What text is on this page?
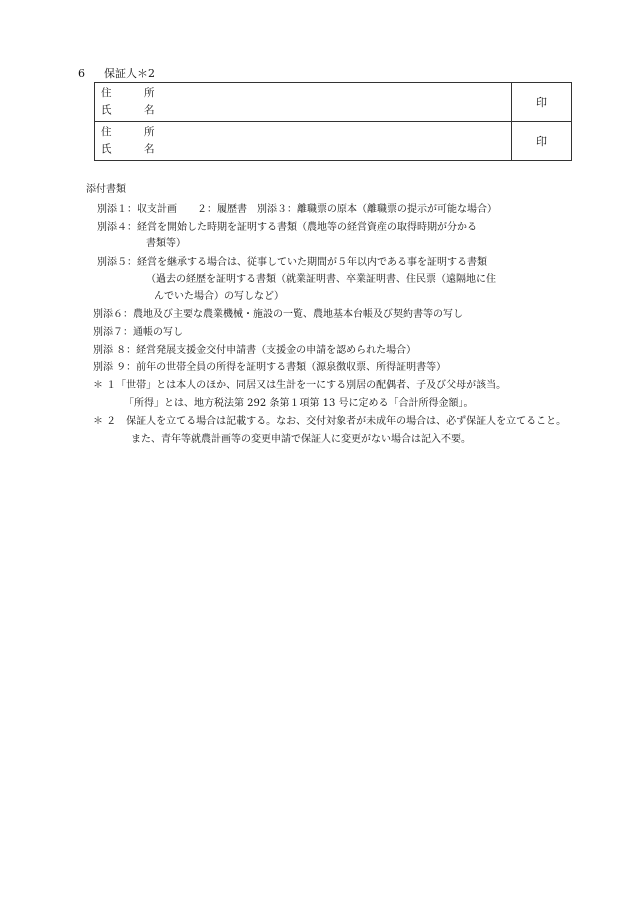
6 保証人＊2
住　所
氏　名	印

住　所
氏　名	印
添付書類
別添１：収支計画　　２：履歴書　別添３：離職票の原本（離職票の提示が可能な場合）
別添４：経営を開始した時期を証明する書類（農地等の経営資産の取得時期が分かる
書類等）
別添５：経営を継承する場合は、従事していた期間が５年以内である事を証明する書類
（過去の経歴を証明する書類（就業証明書、卒業証明書、住民票（遠隔地に住
んでいた場合）の写しなど）
別添６：農地及び主要な農業機械・施設の一覧、農地基本台帳及び契約書等の写し
別添７：通帳の写し
別添 ８：経営発展支援金交付申請書（支援金の申請を認められた場合）
別添 ９：前年の世帯全員の所得を証明する書類（源泉徴収票、所得証明書等）
＊ １「世帯」とは本人のほか、同居又は生計を一にする別居の配偶者、子及び父母が該当。
「所得」とは、地方税法第 292 条第１項第 13 号に定める「合計所得金額」。
＊ ２　保証人を立てる場合は記載する。なお、交付対象者が未成年の場合は、必ず保証人を立てること。
また、青年等就農計画等の変更申請で保証人に変更がない場合は記入不要。
